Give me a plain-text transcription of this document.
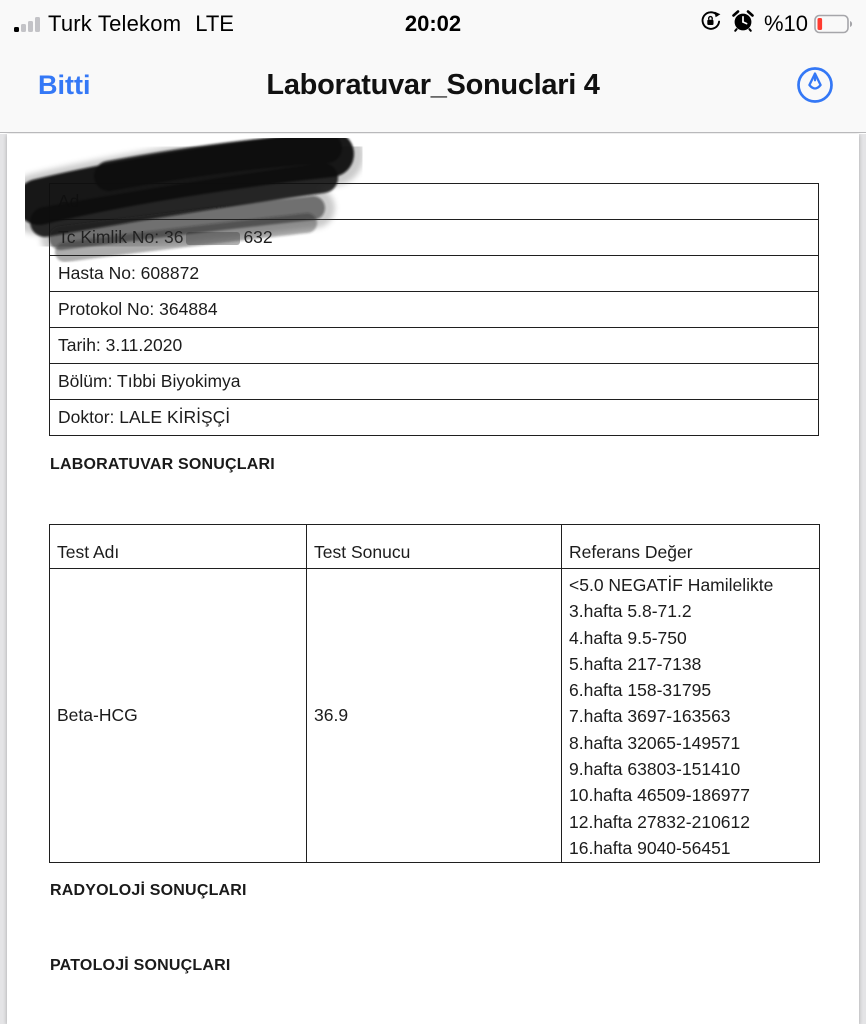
Turk Telekom LTE	20:02	%10
Bitti	Laboratuvar_Sonuclari 4
Ad
Tc Kimlik No: 36	632
Hasta No: 608872
Protokol No: 364884
Tarih: 3.11.2020
Bölüm: Tıbbi Biyokimya
Doktor: LALE KİRİŞÇİ
LABORATUVAR SONUÇLARI
Test Adı	Test Sonucu	Referans Değer
Beta-HCG	36.9	
<5.0 NEGATİF Hamilelikte
3.hafta 5.8-71.2
4.hafta 9.5-750
5.hafta 217-7138
6.hafta 158-31795
7.hafta 3697-163563
8.hafta 32065-149571
9.hafta 63803-151410
10.hafta 46509-186977
12.hafta 27832-210612
16.hafta 9040-56451
RADYOLOJİ SONUÇLARI
PATOLOJİ SONUÇLARI
